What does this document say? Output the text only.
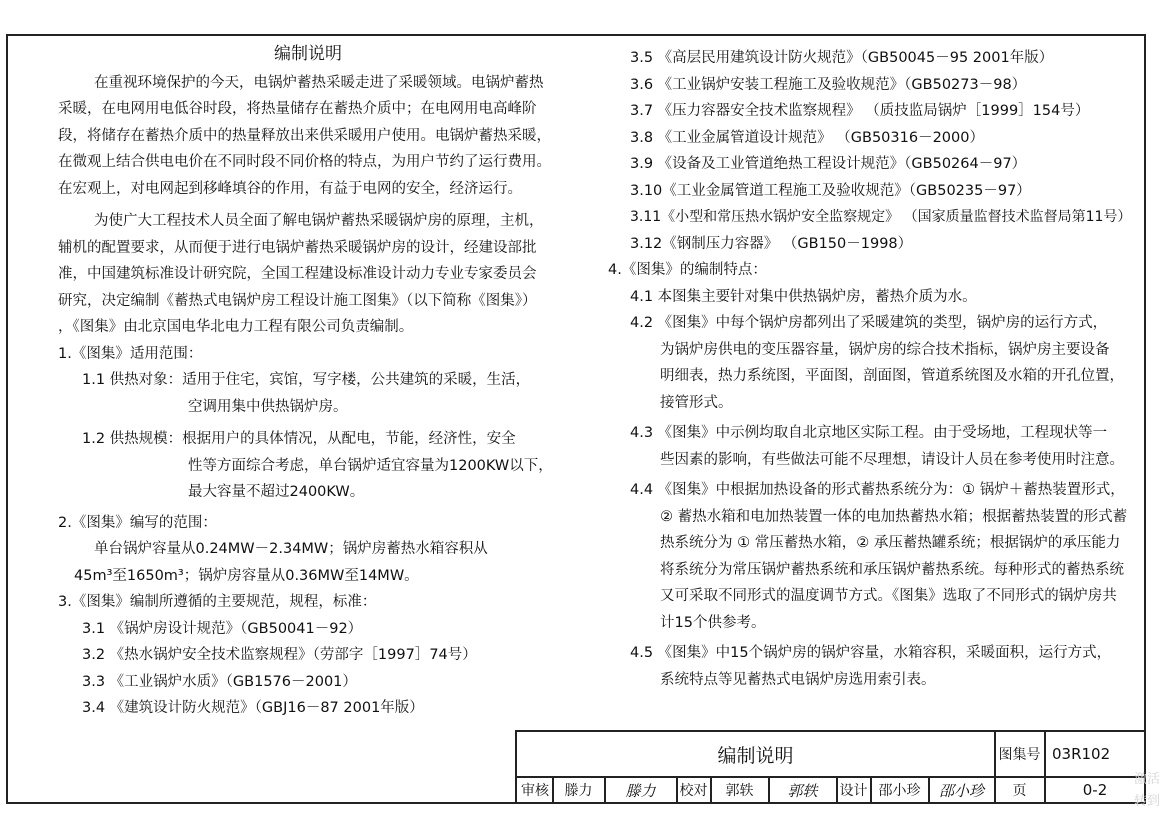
编制说明
在重视环境保护的今天，电锅炉蓄热采暖走进了采暖领域。电锅炉蓄热
采暖，在电网用电低谷时段，将热量储存在蓄热介质中；在电网用电高峰阶
段，将储存在蓄热介质中的热量释放出来供采暖用户使用。电锅炉蓄热采暖，
在微观上结合供电电价在不同时段不同价格的特点，为用户节约了运行费用。
在宏观上，对电网起到移峰填谷的作用，有益于电网的安全，经济运行。
为使广大工程技术人员全面了解电锅炉蓄热采暖锅炉房的原理，主机，
辅机的配置要求，从而便于进行电锅炉蓄热采暖锅炉房的设计，经建设部批
准，中国建筑标准设计研究院，全国工程建设标准设计动力专业专家委员会
研究，决定编制《蓄热式电锅炉房工程设计施工图集》（以下简称《图集》）
，《图集》由北京国电华北电力工程有限公司负责编制。
1.《图集》适用范围：
1.1 供热对象：适用于住宅，宾馆，写字楼，公共建筑的采暖，生活，
空调用集中供热锅炉房。
1.2 供热规模：根据用户的具体情况，从配电，节能，经济性，安全
性等方面综合考虑，单台锅炉适宜容量为1200KW以下，
最大容量不超过2400KW。
2.《图集》编写的范围：
单台锅炉容量从0.24MW－2.34MW；锅炉房蓄热水箱容积从
45m³至1650m³；锅炉房容量从0.36MW至14MW。
3.《图集》编制所遵循的主要规范，规程，标准：
3.1 《锅炉房设计规范》（GB50041－92）
3.2 《热水锅炉安全技术监察规程》（劳部字［1997］74号）
3.3 《工业锅炉水质》（GB1576－2001）
3.4 《建筑设计防火规范》（GBJ16－87 2001年版）
3.5 《高层民用建筑设计防火规范》（GB50045－95 2001年版）
3.6 《工业锅炉安装工程施工及验收规范》（GB50273－98）
3.7 《压力容器安全技术监察规程》 （质技监局锅炉［1999］154号）
3.8 《工业金属管道设计规范》 （GB50316－2000）
3.9 《设备及工业管道绝热工程设计规范》（GB50264－97）
3.10《工业金属管道工程施工及验收规范》（GB50235－97）
3.11《小型和常压热水锅炉安全监察规定》 （国家质量监督技术监督局第11号）
3.12《钢制压力容器》 （GB150－1998）
4.《图集》的编制特点：
4.1 本图集主要针对集中供热锅炉房，蓄热介质为水。
4.2 《图集》中每个锅炉房都列出了采暖建筑的类型，锅炉房的运行方式，
为锅炉房供电的变压器容量，锅炉房的综合技术指标，锅炉房主要设备
明细表，热力系统图，平面图，剖面图，管道系统图及水箱的开孔位置，
接管形式。
4.3 《图集》中示例均取自北京地区实际工程。由于受场地，工程现状等一
些因素的影响，有些做法可能不尽理想，请设计人员在参考使用时注意。
4.4 《图集》中根据加热设备的形式蓄热系统分为：① 锅炉＋蓄热装置形式，
② 蓄热水箱和电加热装置一体的电加热蓄热水箱；根据蓄热装置的形式蓄
热系统分为 ① 常压蓄热水箱，② 承压蓄热罐系统；根据锅炉的承压能力
将系统分为常压锅炉蓄热系统和承压锅炉蓄热系统。每种形式的蓄热系统
又可采取不同形式的温度调节方式。《图集》选取了不同形式的锅炉房共
计15个供参考。
4.5 《图集》中15个锅炉房的锅炉容量，水箱容积，采暖面积，运行方式，
系统特点等见蓄热式电锅炉房选用索引表。
编制说明	图集号 03R102
审核	滕力	滕力	校对	郭轶	郭轶	设计 邵小珍	邵小珍	页	0-2
激活
转到
